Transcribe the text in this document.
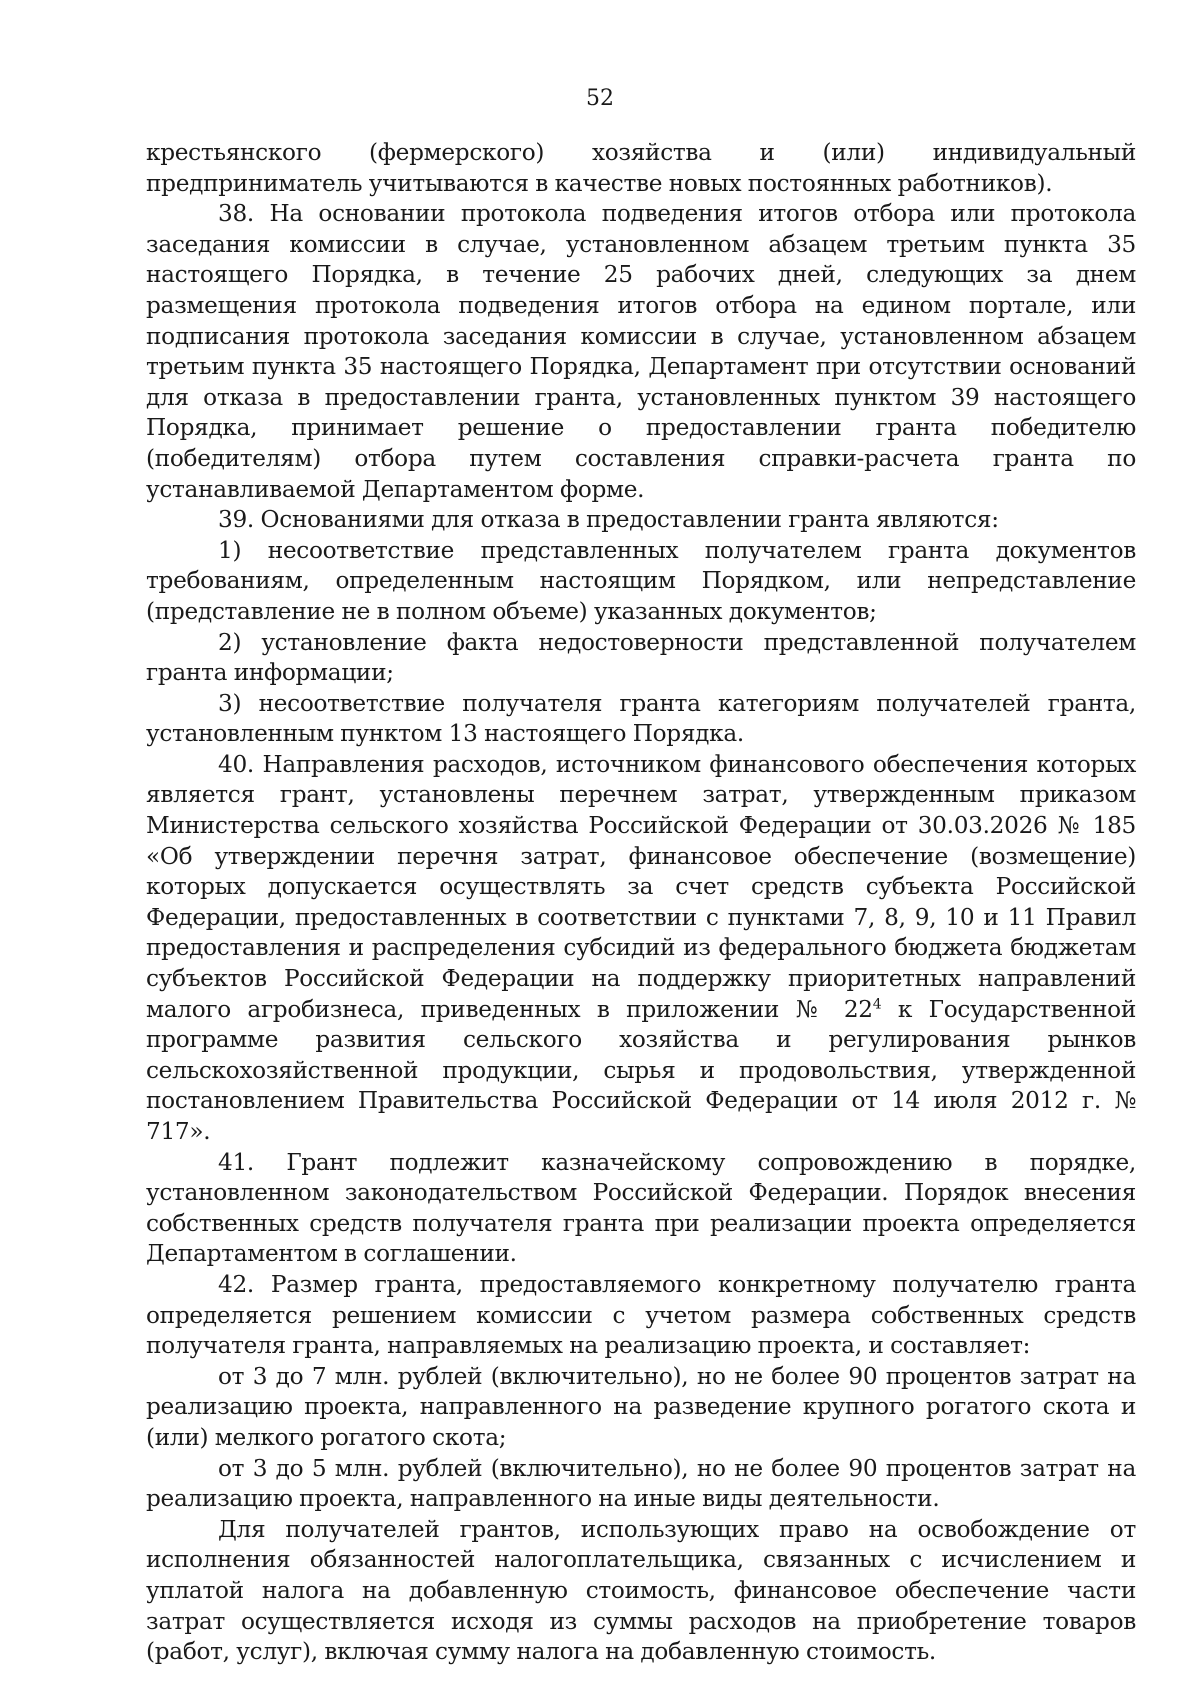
52

крестьянского (фермерского) хозяйства и (или) индивидуальный предприниматель учитываются в качестве новых постоянных работников).

38. На основании протокола подведения итогов отбора или протокола заседания комиссии в случае, установленном абзацем третьим пункта 35 настоящего Порядка, в течение 25 рабочих дней, следующих за днем размещения протокола подведения итогов отбора на едином портале, или подписания протокола заседания комиссии в случае, установленном абзацем третьим пункта 35 настоящего Порядка, Департамент при отсутствии оснований для отказа в предоставлении гранта, установленных пунктом 39 настоящего Порядка, принимает решение о предоставлении гранта победителю (победителям) отбора путем составления справки-расчета гранта по устанавливаемой Департаментом форме.

39. Основаниями для отказа в предоставлении гранта являются:

1) несоответствие представленных получателем гранта документов требованиям, определенным настоящим Порядком, или непредставление (представление не в полном объеме) указанных документов;

2) установление факта недостоверности представленной получателем гранта информации;

3) несоответствие получателя гранта категориям получателей гранта, установленным пунктом 13 настоящего Порядка.

40. Направления расходов, источником финансового обеспечения которых является грант, установлены перечнем затрат, утвержденным приказом Министерства сельского хозяйства Российской Федерации от 30.03.2026 № 185 «Об утверждении перечня затрат, финансовое обеспечение (возмещение) которых допускается осуществлять за счет средств субъекта Российской Федерации, предоставленных в соответствии с пунктами 7, 8, 9, 10 и 11 Правил предоставления и распределения субсидий из федерального бюджета бюджетам субъектов Российской Федерации на поддержку приоритетных направлений малого агробизнеса, приведенных в приложении № $22^4$ к Государственной программе развития сельского хозяйства и регулирования рынков сельскохозяйственной продукции, сырья и продовольствия, утвержденной постановлением Правительства Российской Федерации от 14 июля 2012 г. № 717».

41. Грант подлежит казначейскому сопровождению в порядке, установленном законодательством Российской Федерации. Порядок внесения собственных средств получателя гранта при реализации проекта определяется Департаментом в соглашении.

42. Размер гранта, предоставляемого конкретному получателю гранта определяется решением комиссии с учетом размера собственных средств получателя гранта, направляемых на реализацию проекта, и составляет:

от 3 до 7 млн. рублей (включительно), но не более 90 процентов затрат на реализацию проекта, направленного на разведение крупного рогатого скота и (или) мелкого рогатого скота;

от 3 до 5 млн. рублей (включительно), но не более 90 процентов затрат на реализацию проекта, направленного на иные виды деятельности.

Для получателей грантов, использующих право на освобождение от исполнения обязанностей налогоплательщика, связанных с исчислением и уплатой налога на добавленную стоимость, финансовое обеспечение части затрат осуществляется исходя из суммы расходов на приобретение товаров (работ, услуг), включая сумму налога на добавленную стоимость.
